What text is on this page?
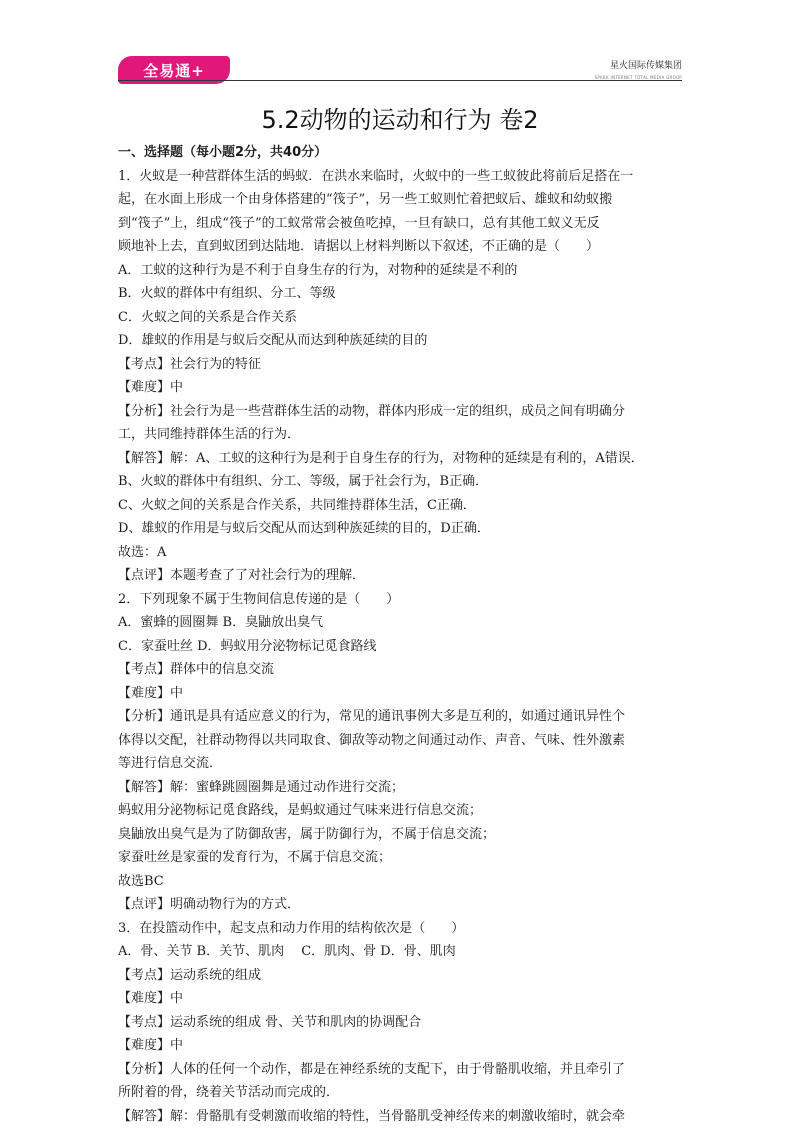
全易通+	星火国际传媒集团
SPARK INTERNET TOTAL MEDIA GROUP
5.2动物的运动和行为 卷2

一、选择题（每小题2分，共40分）

1．火蚁是一种营群体生活的蚂蚁．在洪水来临时，火蚁中的一些工蚁彼此将前后足搭在一

起，在水面上形成一个由身体搭建的“筏子”，另一些工蚁则忙着把蚁后、雄蚁和幼蚁搬

到“筏子”上，组成“筏子”的工蚁常常会被鱼吃掉，一旦有缺口，总有其他工蚁义无反

顾地补上去，直到蚁团到达陆地．请据以上材料判断以下叙述，不正确的是（　　）

A．工蚁的这种行为是不利于自身生存的行为，对物种的延续是不利的

B．火蚁的群体中有组织、分工、等级

C．火蚁之间的关系是合作关系

D．雄蚁的作用是与蚁后交配从而达到种族延续的目的

【考点】社会行为的特征

【难度】中

【分析】社会行为是一些营群体生活的动物，群体内形成一定的组织，成员之间有明确分

工，共同维持群体生活的行为．

【解答】解：A、工蚁的这种行为是利于自身生存的行为，对物种的延续是有利的，A错误．

B、火蚁的群体中有组织、分工、等级，属于社会行为，B正确．

C、火蚁之间的关系是合作关系，共同维持群体生活，C正确．

D、雄蚁的作用是与蚁后交配从而达到种族延续的目的，D正确．

故选：A

【点评】本题考查了了对社会行为的理解．

2．下列现象不属于生物间信息传递的是（　　）

A．蜜蜂的圆圈舞 B．臭鼬放出臭气

C．家蚕吐丝 D．蚂蚁用分泌物标记觅食路线

【考点】群体中的信息交流

【难度】中

【分析】通讯是具有适应意义的行为，常见的通讯事例大多是互利的，如通过通讯异性个

体得以交配，社群动物得以共同取食、御敌等动物之间通过动作、声音、气味、性外激素

等进行信息交流．

【解答】解：蜜蜂跳圆圈舞是通过动作进行交流；

蚂蚁用分泌物标记觅食路线，是蚂蚁通过气味来进行信息交流；

臭鼬放出臭气是为了防御敌害，属于防御行为，不属于信息交流；

家蚕吐丝是家蚕的发育行为，不属于信息交流；

故选BC

【点评】明确动物行为的方式．

3．在投篮动作中，起支点和动力作用的结构依次是（　　）

A．骨、关节 B．关节、肌肉　 C．肌肉、骨 D．骨、肌肉

【考点】运动系统的组成

【难度】中

【考点】运动系统的组成 骨、关节和肌肉的协调配合

【难度】中

【分析】人体的任何一个动作，都是在神经系统的支配下，由于骨骼肌收缩，并且牵引了

所附着的骨，绕着关节活动而完成的．

【解答】解：骨骼肌有受刺激而收缩的特性，当骨骼肌受神经传来的刺激收缩时，就会牵
